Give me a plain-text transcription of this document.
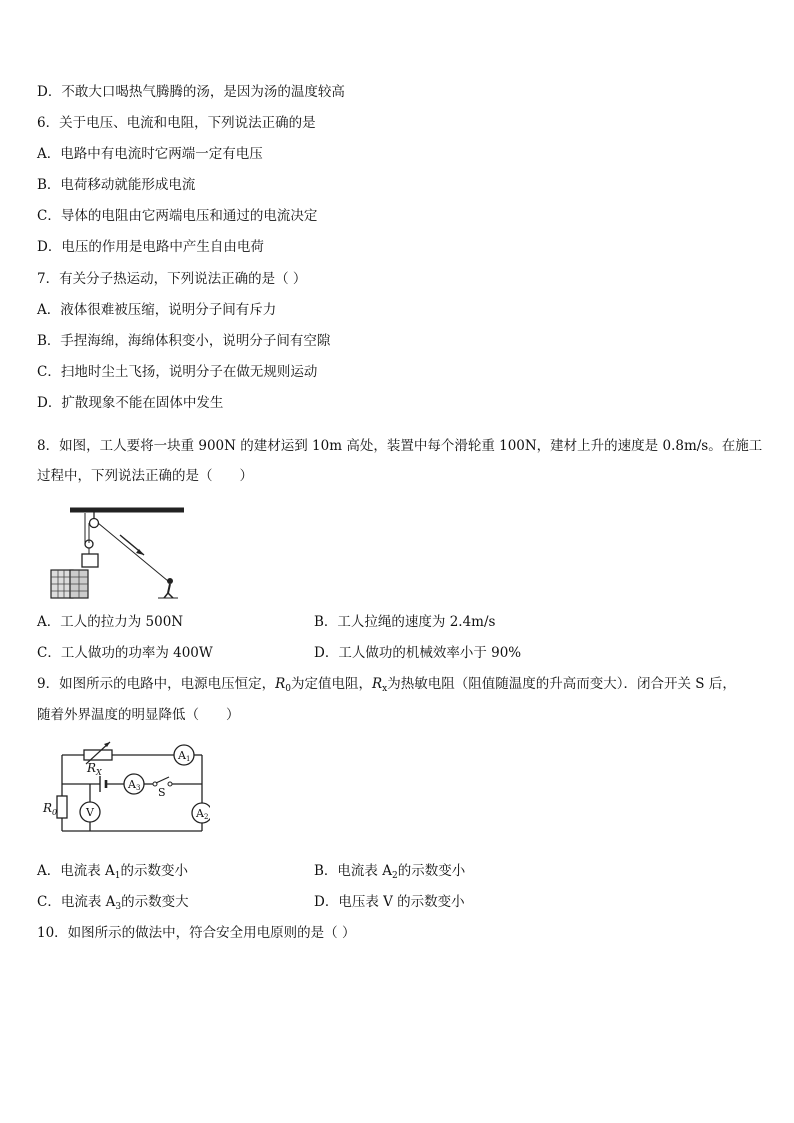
D．不敢大口喝热气腾腾的汤，是因为汤的温度较高
6．关于电压、电流和电阻，下列说法正确的是
A．电路中有电流时它两端一定有电压
B．电荷移动就能形成电流
C．导体的电阻由它两端电压和通过的电流决定
D．电压的作用是电路中产生自由电荷
7．有关分子热运动，下列说法正确的是（ ）
A．液体很难被压缩，说明分子间有斥力
B．手捏海绵，海绵体积变小，说明分子间有空隙
C．扫地时尘土飞扬，说明分子在做无规则运动
D．扩散现象不能在固体中发生
8．如图，工人要将一块重 900N 的建材运到 10m 高处，装置中每个滑轮重 100N，建材上升的速度是 0.8m/s。在施工
过程中，下列说法正确的是（　　）
A．工人的拉力为 500N	B．工人拉绳的速度为 2.4m/s
C．工人做功的功率为 400W	D．工人做功的机械效率小于 90%
9．如图所示的电路中，电源电压恒定，$R_0$为定值电阻，$R_x$为热敏电阻（阻值随温度的升高而变大）．闭合开关 S 后，
随着外界温度的明显降低（　　）
$R_X$
A1
A3 S
$R_0$	V	A2
A．电流表 $A_1$的示数变小	B．电流表 $A_2$的示数变小
C．电流表 $A_3$的示数变大	D．电压表 V 的示数变小
10．如图所示的做法中，符合安全用电原则的是（ ）
